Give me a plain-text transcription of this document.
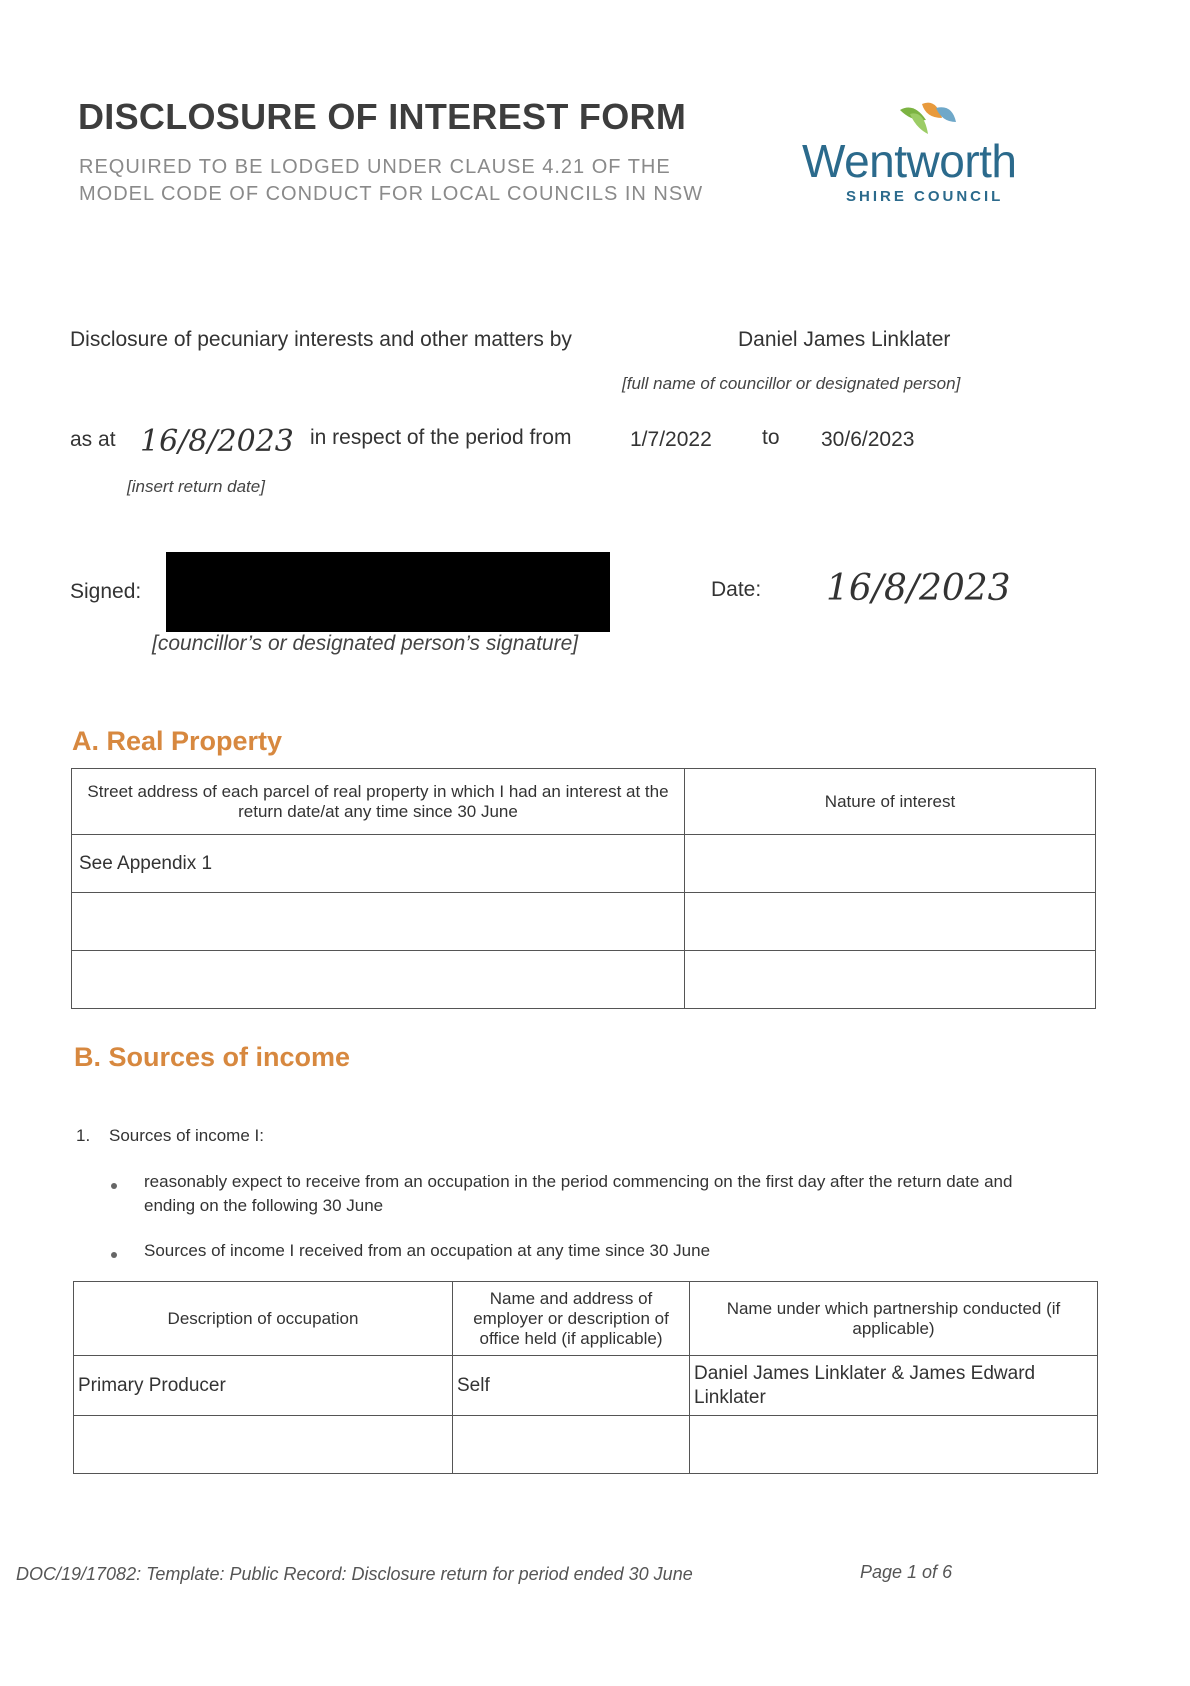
DISCLOSURE OF INTEREST FORM
REQUIRED TO BE LODGED UNDER CLAUSE 4.21 OF THE MODEL CODE OF CONDUCT FOR LOCAL COUNCILS IN NSW
Wentworth
SHIRE COUNCIL
Disclosure of pecuniary interests and other matters by	Daniel James Linklater
[full name of councillor or designated person]
as at 16/8/2023 in respect of the period from	1/7/2022 to 30/6/2023
[insert return date]
Signed:
[councillor’s or designated person’s signature]
Date: 16/8/2023
A. Real Property
Street address of each parcel of real property in which I had an interest at the return date/at any time since 30 June	Nature of interest
See Appendix 1	

B. Sources of income
1. Sources of income I:
reasonably expect to receive from an occupation in the period commencing on the first day after the return date and ending on the following 30 June
Sources of income I received from an occupation at any time since 30 June
Description of occupation	Name and address of employer or description of office held (if applicable)	Name under which partnership conducted (if applicable)
Primary Producer	Self	Daniel James Linklater & James Edward Linklater

DOC/19/17082: Template: Public Record: Disclosure return for period ended 30 June	Page 1 of 6
